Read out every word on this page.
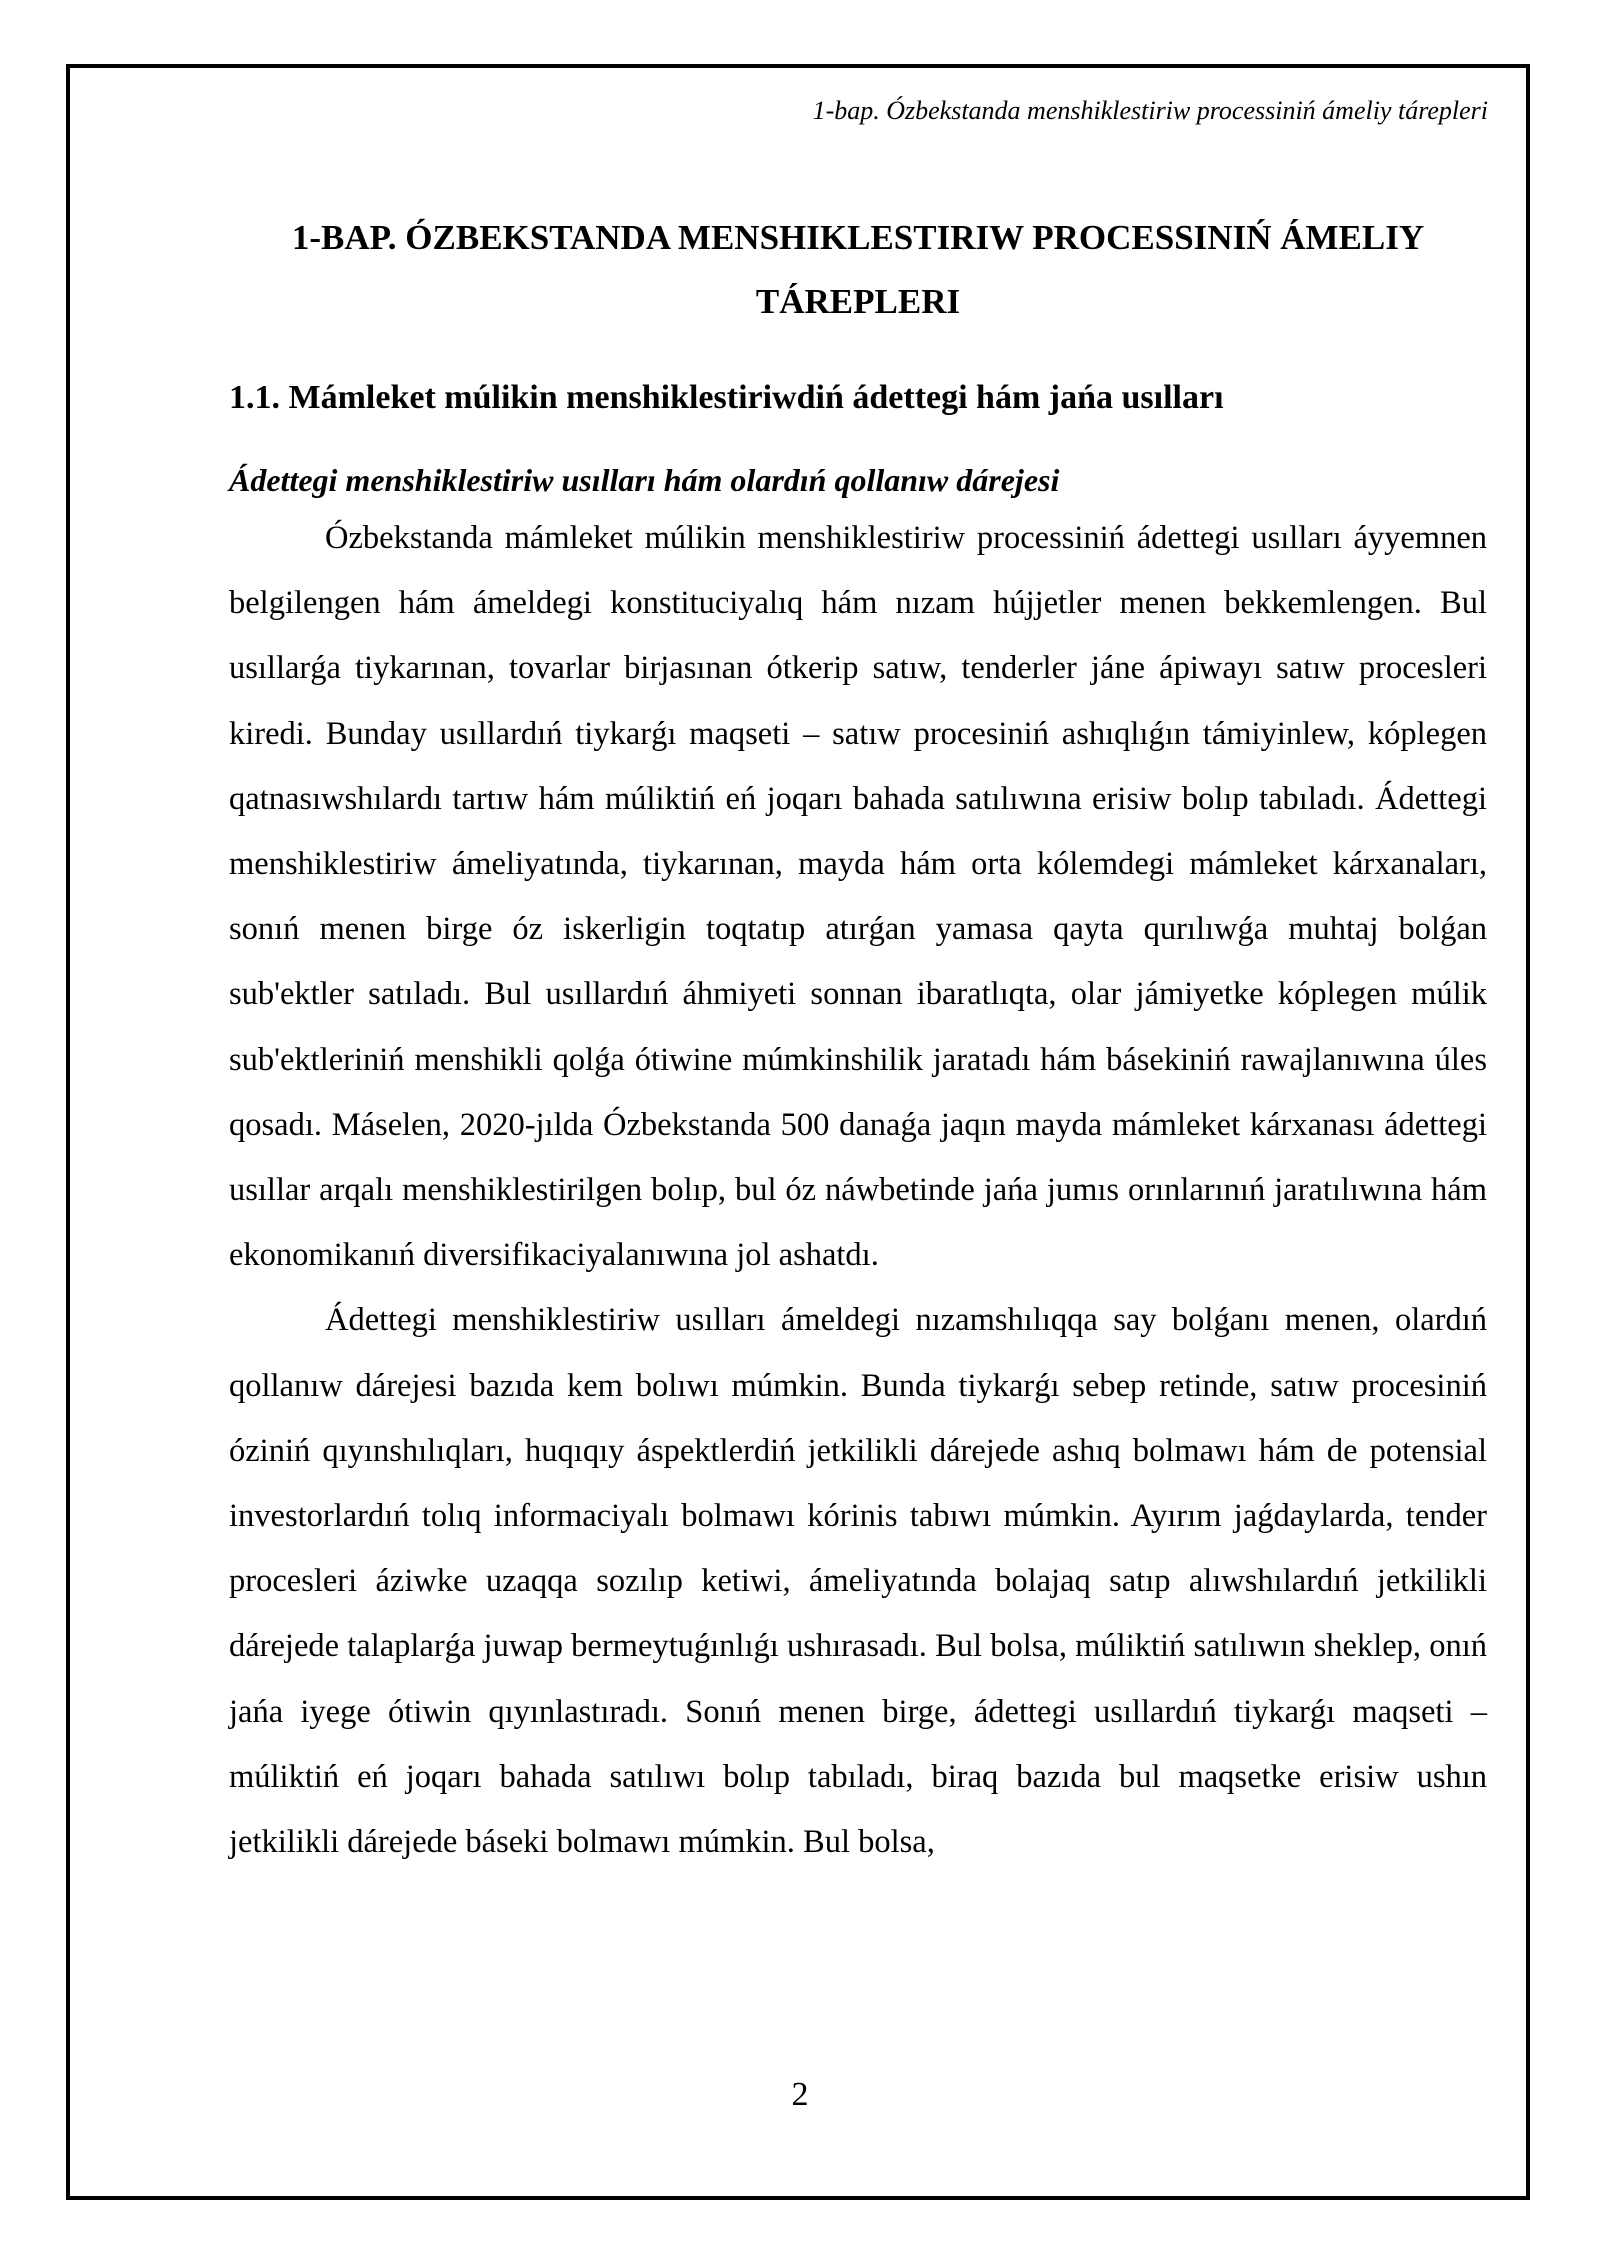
1-bap. Ózbekstanda menshiklestiriw processiniń ámeliy tárepleri
1-BAP. ÓZBEKSTANDA MENSHIKLESTIRIW PROCESSINIŃ ÁMELIY TÁREPLERI
1.1. Mámleket múlikin menshiklestiriwdiń ádettegi hám jańa usılları
Ádettegi menshiklestiriw usılları hám olardıń qollanıw dárejesi

Ózbekstanda mámleket múlikin menshiklestiriw processiniń ádettegi usılları áyyemnen belgilengen hám ámeldegi konstituciyalıq hám nızam hújjetler menen bekkemlengen. Bul usıllarǵa tiykarınan, tovarlar birjasınan ótkerip satıw, tenderler jáne ápiwayı satıw procesleri kiredi. Bunday usıllardıń tiykarǵı maqseti – satıw procesiniń ashıqlıǵın támiyinlew, kóplegen qatnasıwshılardı tartıw hám múliktiń eń joqarı bahada satılıwına erisiw bolıp tabıladı. Ádettegi menshiklestiriw ámeliyatında, tiykarınan, mayda hám orta kólemdegi mámleket kárxanaları, sonıń menen birge óz iskerligin toqtatıp atırǵan yamasa qayta qurılıwǵa muhtaj bolǵan sub'ektler satıladı. Bul usıllardıń áhmiyeti sonnan ibaratlıqta, olar jámiyetke kóplegen múlik sub'ektleriniń menshikli qolǵa ótiwine múmkinshilik jaratadı hám básekiniń rawajlanıwına úles qosadı. Máselen, 2020-jılda Ózbekstanda 500 danaǵa jaqın mayda mámleket kárxanası ádettegi usıllar arqalı menshiklestirilgen bolıp, bul óz náwbetinde jańa jumıs orınlarınıń jaratılıwına hám ekonomikanıń diversifikaciyalanıwına jol ashatdı.

Ádettegi menshiklestiriw usılları ámeldegi nızamshılıqqa say bolǵanı menen, olardıń qollanıw dárejesi bazıda kem bolıwı múmkin. Bunda tiykarǵı sebep retinde, satıw procesiniń óziniń qıyınshılıqları, huqıqıy áspektlerdiń jetkilikli dárejede ashıq bolmawı hám de potensial investorlardıń tolıq informaciyalı bolmawı kórinis tabıwı múmkin. Ayırım jaǵdaylarda, tender procesleri áziwke uzaqqa sozılıp ketiwi, ámeliyatında bolajaq satıp alıwshılardıń jetkilikli dárejede talaplarǵa juwap bermeytuǵınlıǵı ushırasadı. Bul bolsa, múliktiń satılıwın sheklep, onıń jańa iyege ótiwin qıyınlastıradı. Sonıń menen birge, ádettegi usıllardıń tiykarǵı maqseti – múliktiń eń joqarı bahada satılıwı bolıp tabıladı, biraq bazıda bul maqsetke erisiw ushın jetkilikli dárejede báseki bolmawı múmkin. Bul bolsa,

2
